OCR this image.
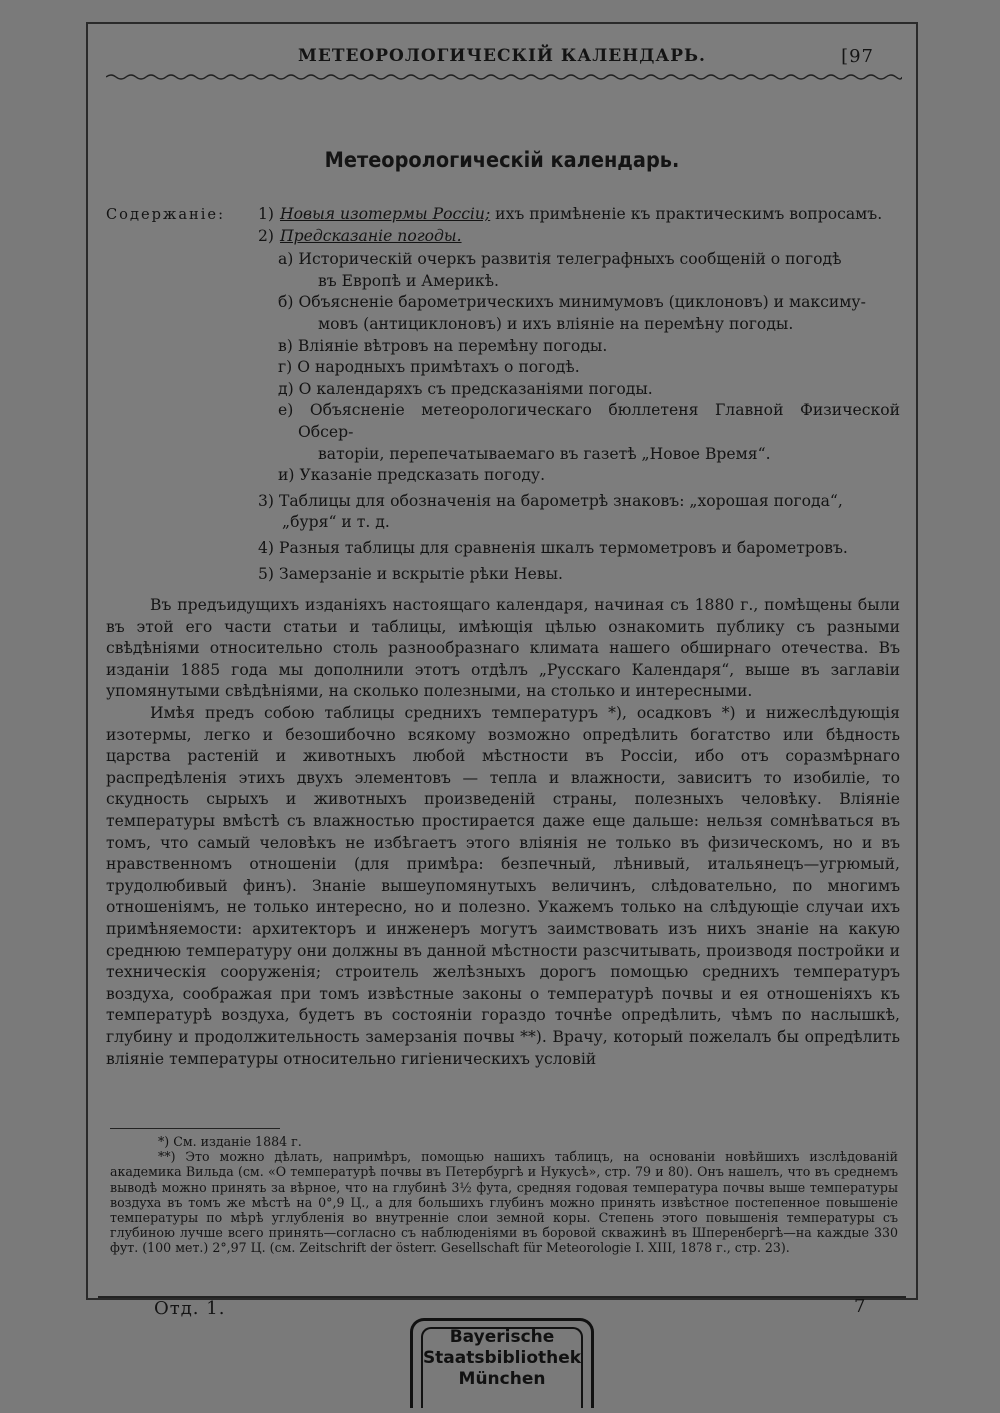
МЕТЕОРОЛОГИЧЕСКІЙ КАЛЕНДАРЬ.	[97
Метеорологическій календарь.
Содержаніе:	1) Новыя изотермы Россіи; ихъ примѣненіе къ практическимъ вопросамъ.
2) Предсказаніе погоды.
а) Историческій очеркъ развитія телеграфныхъ сообщеній о погодѣ
въ Европѣ и Америкѣ.
б) Объясненіе барометрическихъ минимумовъ (циклоновъ) и максиму-
мовъ (антициклоновъ) и ихъ вліяніе на перемѣну погоды.
в) Вліяніе вѣтровъ на перемѣну погоды.
г) О народныхъ примѣтахъ о погодѣ.
д) О календаряхъ съ предсказаніями погоды.
е) Объясненіе метеорологическаго бюллетеня Главной Физической Обсер-
ваторіи, перепечатываемаго въ газетѣ „Новое Время“.
и) Указаніе предсказать погоду.
3) Таблицы для обозначенія на барометрѣ знаковъ: „хорошая погода“,
„буря“ и т. д.
4) Разныя таблицы для сравненія шкалъ термометровъ и барометровъ.
5) Замерзаніе и вскрытіе рѣки Невы.
Въ предъидущихъ изданіяхъ настоящаго календаря, начиная съ 1880 г., помѣщены были въ этой его части статьи и таблицы, имѣющія цѣлью ознакомить публику съ разными свѣдѣніями относительно столь разнообразнаго климата нашего обширнаго отечества. Въ изданіи 1885 года мы дополнили этотъ отдѣлъ „Русскаго Календаря“, выше въ заглавіи упомянутыми свѣдѣніями, на сколько полезными, на столько и интересными.
Имѣя предъ собою таблицы среднихъ температуръ *), осадковъ *) и нижеслѣдующія изотермы, легко и безошибочно всякому возможно опредѣлить богатство или бѣдность царства растеній и животныхъ любой мѣстности въ Россіи, ибо отъ соразмѣрнаго распредѣленія этихъ двухъ элементовъ — тепла и влажности, зависитъ то изобиліе, то скудность сырыхъ и животныхъ произведеній страны, полезныхъ человѣку. Вліяніе температуры вмѣстѣ съ влажностью простирается даже еще дальше: нельзя сомнѣваться въ томъ, что самый человѣкъ не избѣгаетъ этого вліянія не только въ физическомъ, но и въ нравственномъ отношеніи (для примѣра: безпечный, лѣнивый, итальянецъ—угрюмый, трудолюбивый финъ). Знаніе вышеупомянутыхъ величинъ, слѣдовательно, по многимъ отношеніямъ, не только интересно, но и полезно. Укажемъ только на слѣдующіе случаи ихъ примѣняемости: архитекторъ и инженеръ могутъ заимствовать изъ нихъ знаніе на какую среднюю температуру они должны въ данной мѣстности разсчитывать, производя постройки и техническія сооруженія; строитель желѣзныхъ дорогъ помощью среднихъ температуръ воздуха, соображая при томъ извѣстные законы о температурѣ почвы и ея отношеніяхъ къ температурѣ воздуха, будетъ въ состояніи гораздо точнѣе опредѣлить, чѣмъ по наслышкѣ, глубину и продолжительность замерзанія почвы **). Врачу, который пожелалъ бы опредѣлить вліяніе температуры относительно гигіеническихъ условій
*) См. изданіе 1884 г.
**) Это можно дѣлать, напримѣръ, помощью нашихъ таблицъ, на основаніи новѣйшихъ изслѣдованій академика Вильда (см. «О температурѣ почвы въ Петербургѣ и Нукусѣ», стр. 79 и 80). Онъ нашелъ, что въ среднемъ выводѣ можно принять за вѣрное, что на глубинѣ 3½ фута, средняя годовая температура почвы выше температуры воздуха въ томъ же мѣстѣ на 0°,9 Ц., а для большихъ глубинъ можно принять извѣстное постепенное повышеніе температуры по мѣрѣ углубленія во внутренніе слои земной коры. Степень этого повышенія температуры съ глубиною лучше всего принять—согласно съ наблюденіями въ боровой скважинѣ въ Шперенбергѣ—на каждые 330 фут. (100 мет.) 2°,97 Ц. (см. Zeitschrift der österr. Gesellschaft für Meteorologie I. XIII, 1878 г., стр. 23).
Отд. 1.	7
Bayerische
Staatsbibliothek
München
